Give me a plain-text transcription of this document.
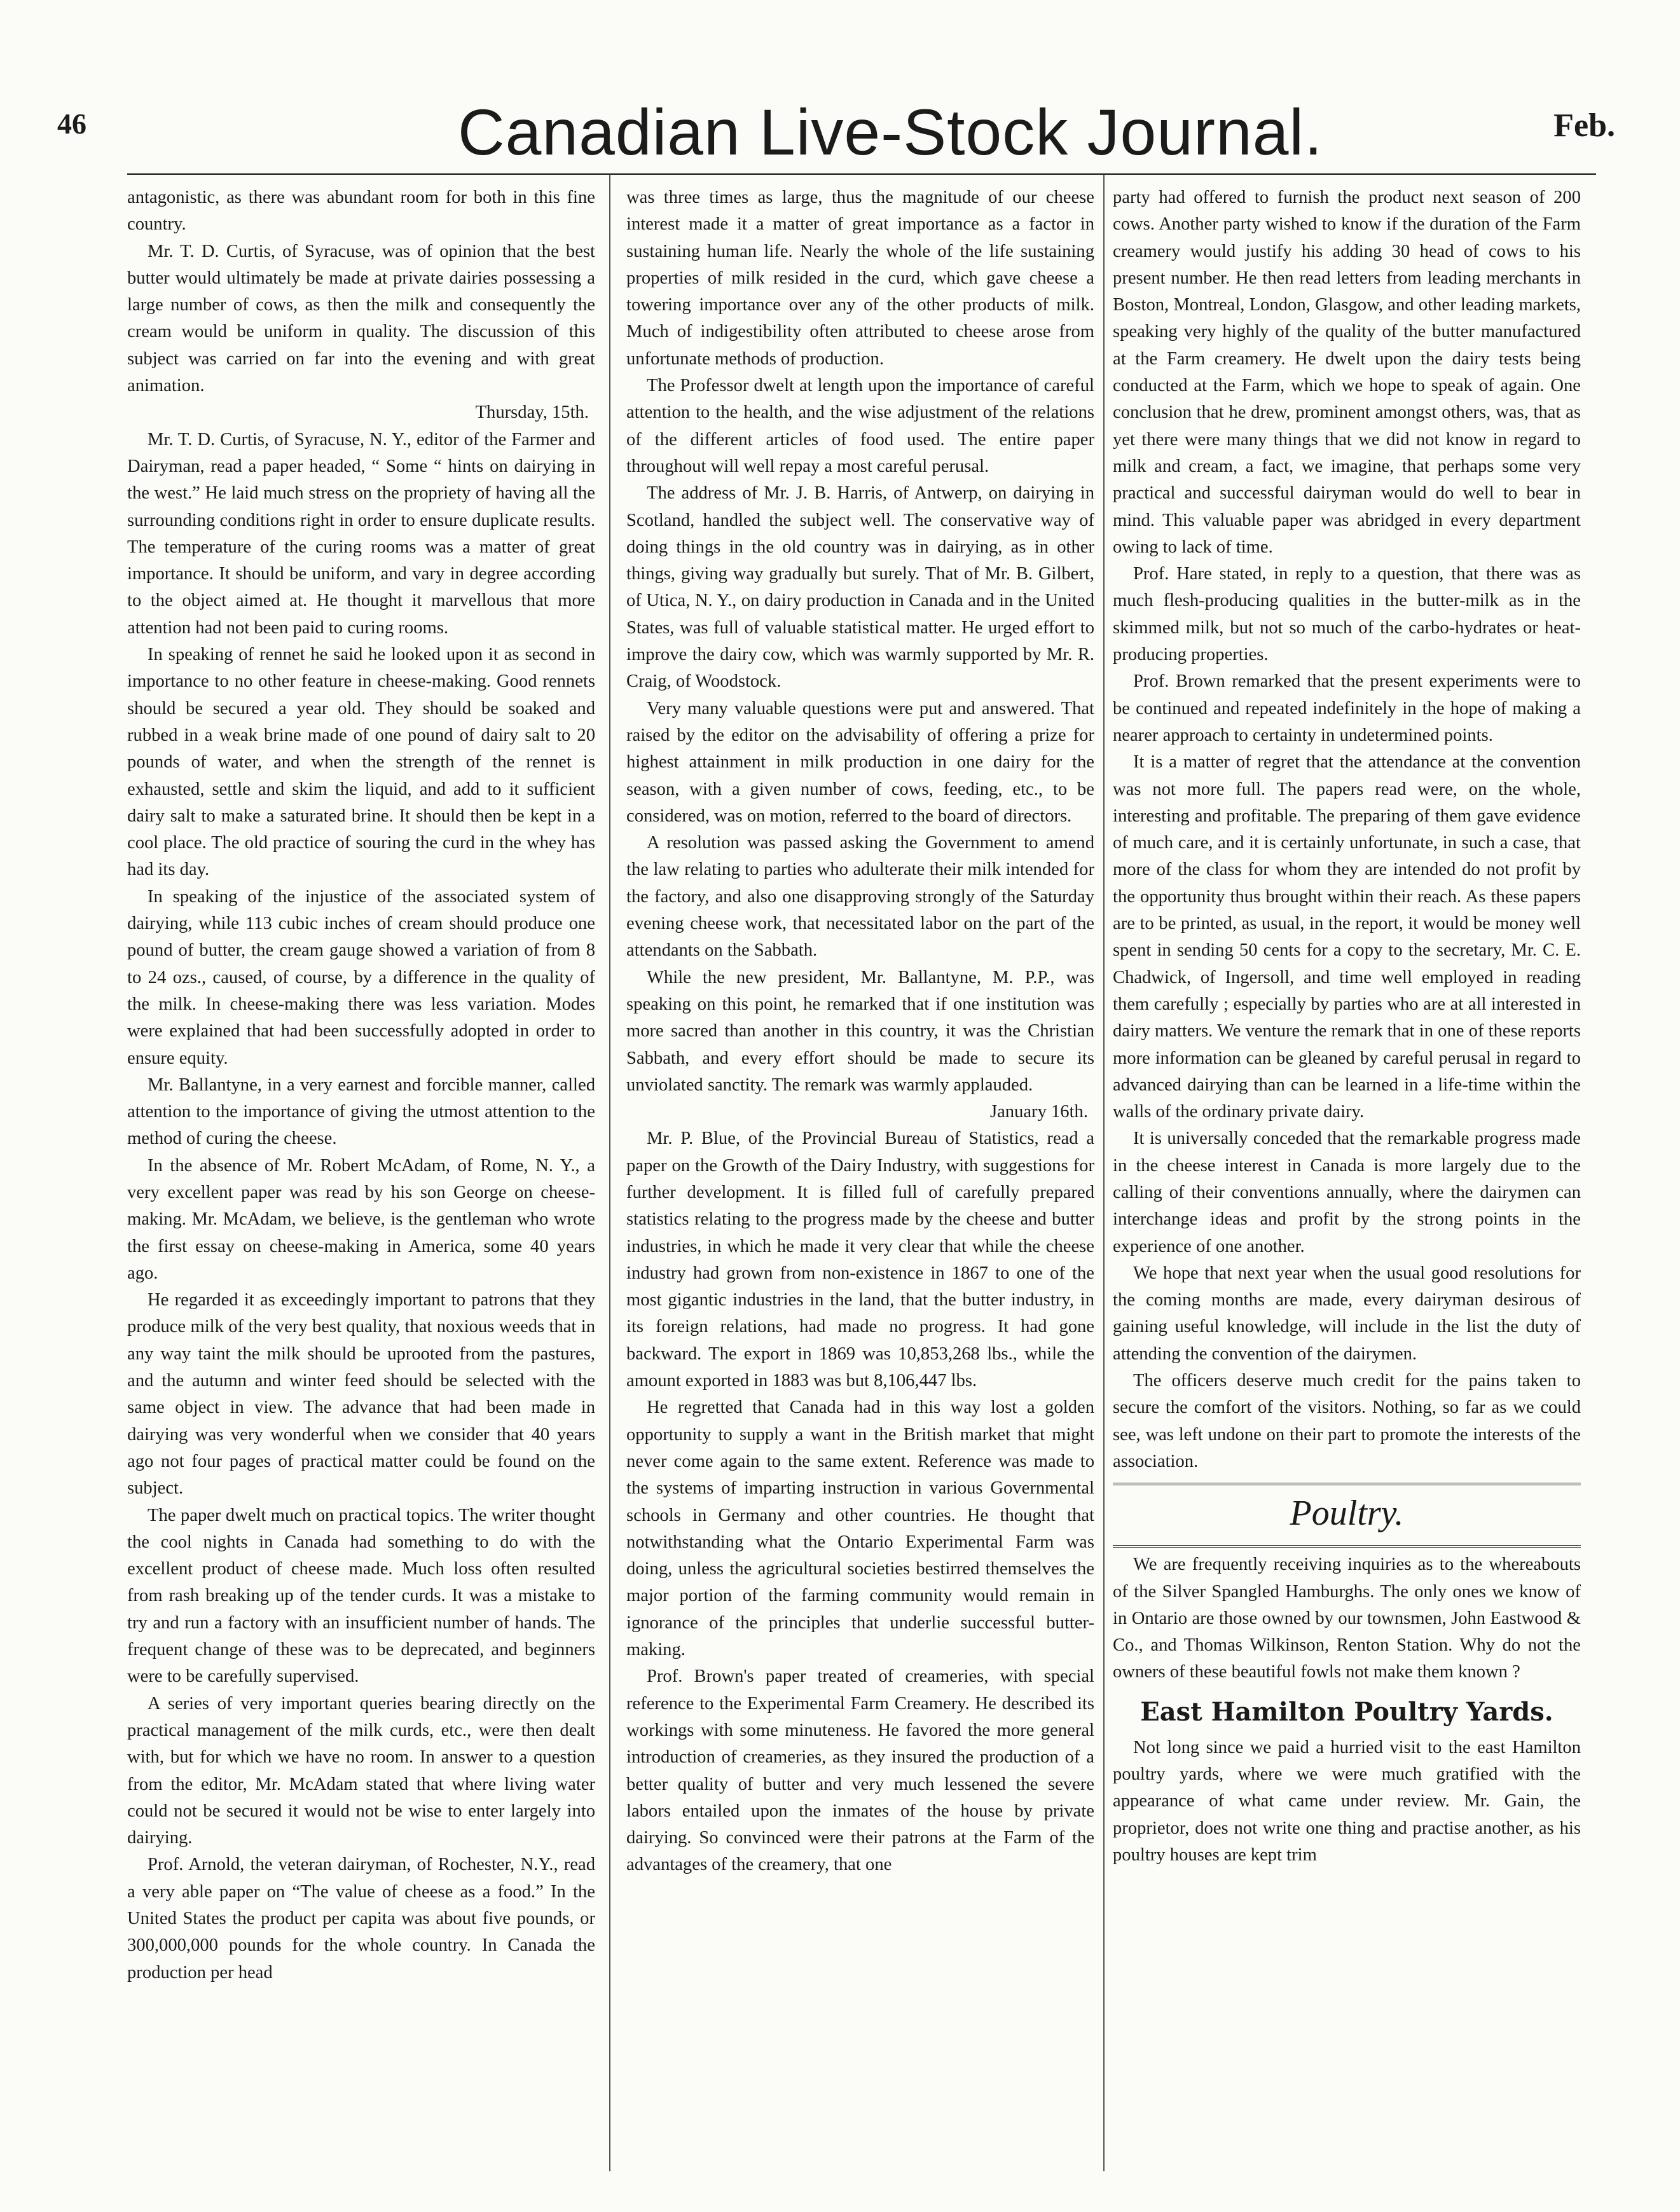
46	Canadian Live-Stock Journal.	Feb.

antagonistic, as there was abundant room for both in this fine country.

Mr. T. D. Curtis, of Syracuse, was of opinion that the best butter would ultimately be made at private dairies possessing a large number of cows, as then the milk and consequently the cream would be uniform in quality. The discussion of this subject was carried on far into the evening and with great animation.

Thursday, 15th.

Mr. T. D. Curtis, of Syracuse, N. Y., editor of the Farmer and Dairyman, read a paper headed, “ Some “ hints on dairying in the west.” He laid much stress on the propriety of having all the surrounding conditions right in order to ensure duplicate results. The temperature of the curing rooms was a matter of great importance. It should be uniform, and vary in degree according to the object aimed at. He thought it marvellous that more attention had not been paid to curing rooms.

In speaking of rennet he said he looked upon it as second in importance to no other feature in cheese-making. Good rennets should be secured a year old. They should be soaked and rubbed in a weak brine made of one pound of dairy salt to 20 pounds of water, and when the strength of the rennet is exhausted, settle and skim the liquid, and add to it sufficient dairy salt to make a saturated brine. It should then be kept in a cool place. The old practice of souring the curd in the whey has had its day.

In speaking of the injustice of the associated system of dairying, while 113 cubic inches of cream should produce one pound of butter, the cream gauge showed a variation of from 8 to 24 ozs., caused, of course, by a difference in the quality of the milk. In cheese-making there was less variation. Modes were explained that had been successfully adopted in order to ensure equity.

Mr. Ballantyne, in a very earnest and forcible manner, called attention to the importance of giving the utmost attention to the method of curing the cheese.

In the absence of Mr. Robert McAdam, of Rome, N. Y., a very excellent paper was read by his son George on cheese-making. Mr. McAdam, we believe, is the gentleman who wrote the first essay on cheese-making in America, some 40 years ago.

He regarded it as exceedingly important to patrons that they produce milk of the very best quality, that noxious weeds that in any way taint the milk should be uprooted from the pastures, and the autumn and winter feed should be selected with the same object in view. The advance that had been made in dairying was very wonderful when we consider that 40 years ago not four pages of practical matter could be found on the subject.

The paper dwelt much on practical topics. The writer thought the cool nights in Canada had something to do with the excellent product of cheese made. Much loss often resulted from rash breaking up of the tender curds. It was a mistake to try and run a factory with an insufficient number of hands. The frequent change of these was to be deprecated, and beginners were to be carefully supervised.

A series of very important queries bearing directly on the practical management of the milk curds, etc., were then dealt with, but for which we have no room. In answer to a question from the editor, Mr. McAdam stated that where living water could not be secured it would not be wise to enter largely into dairying.

Prof. Arnold, the veteran dairyman, of Rochester, N.Y., read a very able paper on “The value of cheese as a food.” In the United States the product per capita was about five pounds, or 300,000,000 pounds for the whole country. In Canada the production per head

was three times as large, thus the magnitude of our cheese interest made it a matter of great importance as a factor in sustaining human life. Nearly the whole of the life sustaining properties of milk resided in the curd, which gave cheese a towering importance over any of the other products of milk. Much of indigestibility often attributed to cheese arose from unfortunate methods of production.

The Professor dwelt at length upon the importance of careful attention to the health, and the wise adjustment of the relations of the different articles of food used. The entire paper throughout will well repay a most careful perusal.

The address of Mr. J. B. Harris, of Antwerp, on dairying in Scotland, handled the subject well. The conservative way of doing things in the old country was in dairying, as in other things, giving way gradually but surely. That of Mr. B. Gilbert, of Utica, N. Y., on dairy production in Canada and in the United States, was full of valuable statistical matter. He urged effort to improve the dairy cow, which was warmly supported by Mr. R. Craig, of Woodstock.

Very many valuable questions were put and answered. That raised by the editor on the advisability of offering a prize for highest attainment in milk production in one dairy for the season, with a given number of cows, feeding, etc., to be considered, was on motion, referred to the board of directors.

A resolution was passed asking the Government to amend the law relating to parties who adulterate their milk intended for the factory, and also one disapproving strongly of the Saturday evening cheese work, that necessitated labor on the part of the attendants on the Sabbath.

While the new president, Mr. Ballantyne, M. P.P., was speaking on this point, he remarked that if one institution was more sacred than another in this country, it was the Christian Sabbath, and every effort should be made to secure its unviolated sanctity. The remark was warmly applauded.

January 16th.

Mr. P. Blue, of the Provincial Bureau of Statistics, read a paper on the Growth of the Dairy Industry, with suggestions for further development. It is filled full of carefully prepared statistics relating to the progress made by the cheese and butter industries, in which he made it very clear that while the cheese industry had grown from non-existence in 1867 to one of the most gigantic industries in the land, that the butter industry, in its foreign relations, had made no progress. It had gone backward. The export in 1869 was 10,853,268 lbs., while the amount exported in 1883 was but 8,106,447 lbs.

He regretted that Canada had in this way lost a golden opportunity to supply a want in the British market that might never come again to the same extent. Reference was made to the systems of imparting instruction in various Governmental schools in Germany and other countries. He thought that notwithstanding what the Ontario Experimental Farm was doing, unless the agricultural societies bestirred themselves the major portion of the farming community would remain in ignorance of the principles that underlie successful butter-making.

Prof. Brown's paper treated of creameries, with special reference to the Experimental Farm Creamery. He described its workings with some minuteness. He favored the more general introduction of creameries, as they insured the production of a better quality of butter and very much lessened the severe labors entailed upon the inmates of the house by private dairying. So convinced were their patrons at the Farm of the advantages of the creamery, that one

party had offered to furnish the product next season of 200 cows. Another party wished to know if the duration of the Farm creamery would justify his adding 30 head of cows to his present number. He then read letters from leading merchants in Boston, Montreal, London, Glasgow, and other leading markets, speaking very highly of the quality of the butter manufactured at the Farm creamery. He dwelt upon the dairy tests being conducted at the Farm, which we hope to speak of again. One conclusion that he drew, prominent amongst others, was, that as yet there were many things that we did not know in regard to milk and cream, a fact, we imagine, that perhaps some very practical and successful dairyman would do well to bear in mind. This valuable paper was abridged in every department owing to lack of time.

Prof. Hare stated, in reply to a question, that there was as much flesh-producing qualities in the butter-milk as in the skimmed milk, but not so much of the carbo-hydrates or heat-producing properties.

Prof. Brown remarked that the present experiments were to be continued and repeated indefinitely in the hope of making a nearer approach to certainty in undetermined points.

It is a matter of regret that the attendance at the convention was not more full. The papers read were, on the whole, interesting and profitable. The preparing of them gave evidence of much care, and it is certainly unfortunate, in such a case, that more of the class for whom they are intended do not profit by the opportunity thus brought within their reach. As these papers are to be printed, as usual, in the report, it would be money well spent in sending 50 cents for a copy to the secretary, Mr. C. E. Chadwick, of Ingersoll, and time well employed in reading them carefully ; especially by parties who are at all interested in dairy matters. We venture the remark that in one of these reports more information can be gleaned by careful perusal in regard to advanced dairying than can be learned in a life-time within the walls of the ordinary private dairy.

It is universally conceded that the remarkable progress made in the cheese interest in Canada is more largely due to the calling of their conventions annually, where the dairymen can interchange ideas and profit by the strong points in the experience of one another.

We hope that next year when the usual good resolutions for the coming months are made, every dairyman desirous of gaining useful knowledge, will include in the list the duty of attending the convention of the dairymen.

The officers deserve much credit for the pains taken to secure the comfort of the visitors. Nothing, so far as we could see, was left undone on their part to promote the interests of the association.

Poultry.

We are frequently receiving inquiries as to the whereabouts of the Silver Spangled Hamburghs. The only ones we know of in Ontario are those owned by our townsmen, John Eastwood & Co., and Thomas Wilkinson, Renton Station. Why do not the owners of these beautiful fowls not make them known ?

East Hamilton Poultry Yards.

Not long since we paid a hurried visit to the east Hamilton poultry yards, where we were much gratified with the appearance of what came under review. Mr. Gain, the proprietor, does not write one thing and practise another, as his poultry houses are kept trim
